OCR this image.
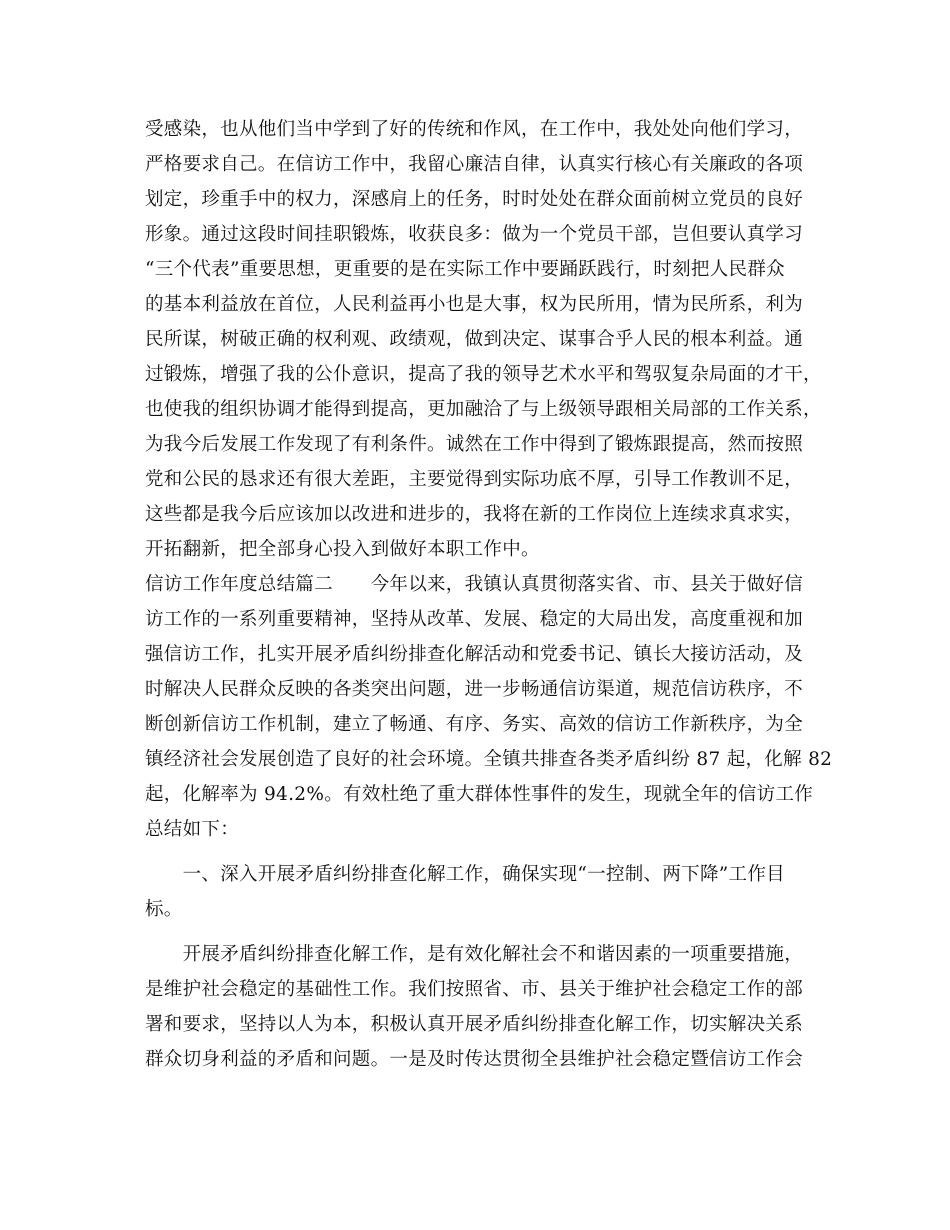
受感染，也从他们当中学到了好的传统和作风，在工作中，我处处向他们学习，
严格要求自己。在信访工作中，我留心廉洁自律，认真实行核心有关廉政的各项
划定，珍重手中的权力，深感肩上的任务，时时处处在群众面前树立党员的良好
形象。通过这段时间挂职锻炼，收获良多：做为一个党员干部，岂但要认真学习
“三个代表”重要思想，更重要的是在实际工作中要踊跃践行，时刻把人民群众
的基本利益放在首位，人民利益再小也是大事，权为民所用，情为民所系，利为
民所谋，树破正确的权利观、政绩观，做到决定、谋事合乎人民的根本利益。通
过锻炼，增强了我的公仆意识，提高了我的领导艺术水平和驾驭复杂局面的才干，
也使我的组织协调才能得到提高，更加融洽了与上级领导跟相关局部的工作关系，
为我今后发展工作发现了有利条件。诚然在工作中得到了锻炼跟提高，然而按照
党和公民的恳求还有很大差距，主要觉得到实际功底不厚，引导工作教训不足，
这些都是我今后应该加以改进和进步的，我将在新的工作岗位上连续求真求实，
开拓翻新，把全部身心投入到做好本职工作中。
信访工作年度总结篇二　　今年以来，我镇认真贯彻落实省、市、县关于做好信
访工作的一系列重要精神，坚持从改革、发展、稳定的大局出发，高度重视和加
强信访工作，扎实开展矛盾纠纷排查化解活动和党委书记、镇长大接访活动，及
时解决人民群众反映的各类突出问题，进一步畅通信访渠道，规范信访秩序，不
断创新信访工作机制，建立了畅通、有序、务实、高效的信访工作新秩序，为全
镇经济社会发展创造了良好的社会环境。全镇共排查各类矛盾纠纷 87 起，化解 82
起，化解率为 94.2%。有效杜绝了重大群体性事件的发生，现就全年的信访工作
总结如下：
　　一、深入开展矛盾纠纷排查化解工作，确保实现“一控制、两下降”工作目
标。
　　开展矛盾纠纷排查化解工作，是有效化解社会不和谐因素的一项重要措施，
是维护社会稳定的基础性工作。我们按照省、市、县关于维护社会稳定工作的部
署和要求，坚持以人为本，积极认真开展矛盾纠纷排查化解工作，切实解决关系
群众切身利益的矛盾和问题。一是及时传达贯彻全县维护社会稳定暨信访工作会
